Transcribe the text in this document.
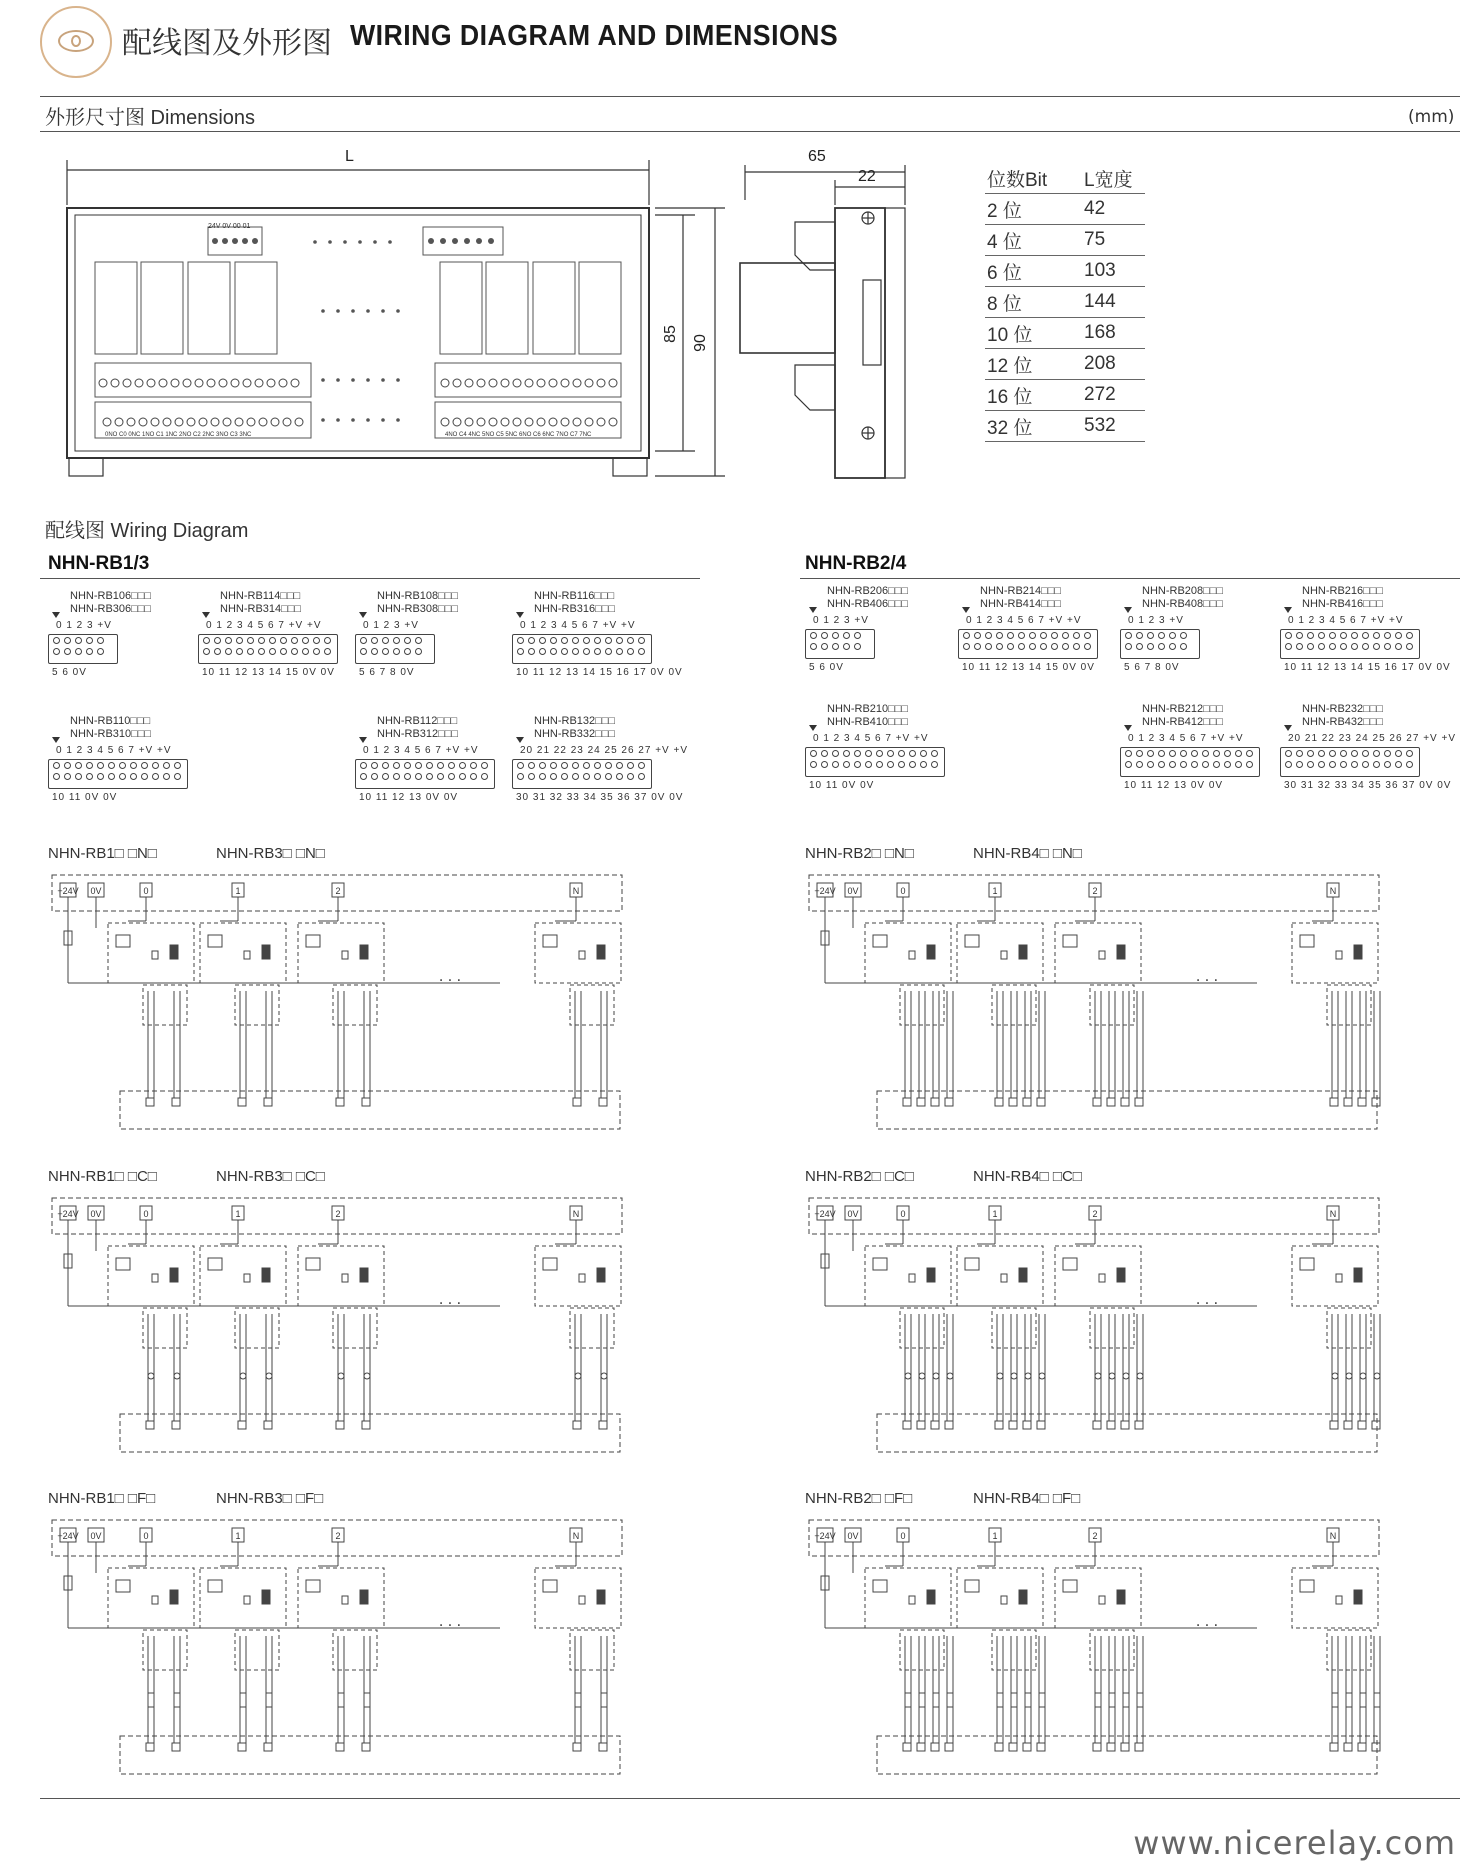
配线图及外形图 WIRING DIAGRAM AND DIMENSIONS
外形尺寸图 Dimensions	(mm)
L
85
90
24V 0V 00 01
0NO C0 0NC 1NO C1 1NC 2NO C2 2NC 3NO C3 3NC	4NO C4 4NC 5NO C5 5NC 6NO C6 6NC 7NO C7 7NC
65
22	位数Bit	L宽度
2 位	42
4 位	75
6 位	103
8 位	144
10 位	168
12 位	208
16 位	272
32 位	532
配线图 Wiring Diagram
NHN-RB1/3	NHN-RB2/4
NHN-RB106□□□
NHN-RB306□□□
0 1 2 3 +V
5 6 0V
NHN-RB114□□□
NHN-RB314□□□
0 1 2 3 4 5 6 7 +V +V
10 11 12 13 14 15 0V 0V
NHN-RB108□□□
NHN-RB308□□□
0 1 2 3 +V
5 6 7 8 0V
NHN-RB116□□□
NHN-RB316□□□
0 1 2 3 4 5 6 7 +V +V
10 11 12 13 14 15 16 17 0V 0V
NHN-RB110□□□
NHN-RB310□□□
0 1 2 3 4 5 6 7 +V +V
10 11 0V 0V
NHN-RB112□□□
NHN-RB312□□□
0 1 2 3 4 5 6 7 +V +V
10 11 12 13 0V 0V
NHN-RB132□□□
NHN-RB332□□□
20 21 22 23 24 25 26 27 +V +V
30 31 32 33 34 35 36 37 0V 0V
NHN-RB206□□□
NHN-RB406□□□
0 1 2 3 +V
5 6 0V
NHN-RB214□□□
NHN-RB414□□□
0 1 2 3 4 5 6 7 +V +V
10 11 12 13 14 15 0V 0V
NHN-RB208□□□
NHN-RB408□□□
0 1 2 3 +V
5 6 7 8 0V
NHN-RB216□□□
NHN-RB416□□□
0 1 2 3 4 5 6 7 +V +V
10 11 12 13 14 15 16 17 0V 0V
NHN-RB210□□□
NHN-RB410□□□
0 1 2 3 4 5 6 7 +V +V
10 11 0V 0V
NHN-RB212□□□
NHN-RB412□□□
0 1 2 3 4 5 6 7 +V +V
10 11 12 13 0V 0V
NHN-RB232□□□
NHN-RB432□□□
20 21 22 23 24 25 26 27 +V +V
30 31 32 33 34 35 36 37 0V 0V
NHN-RB1□ □N□	NHN-RB3□ □N□
+24V 0V	0	1	2	N
· · ·
NHN-RB2□ □N□	NHN-RB4□ □N□
+24V 0V	0	1	2	N
· · ·
NHN-RB1□ □C□	NHN-RB3□ □C□
+24V 0V	0	1	2	N
· · ·
NHN-RB2□ □C□	NHN-RB4□ □C□
+24V 0V	0	1	2	N
· · ·
NHN-RB1□ □F□	NHN-RB3□ □F□
+24V 0V	0	1	2	N
· · ·
NHN-RB2□ □F□	NHN-RB4□ □F□
+24V 0V	0	1	2	N
· · ·
www.nicerelay.com
